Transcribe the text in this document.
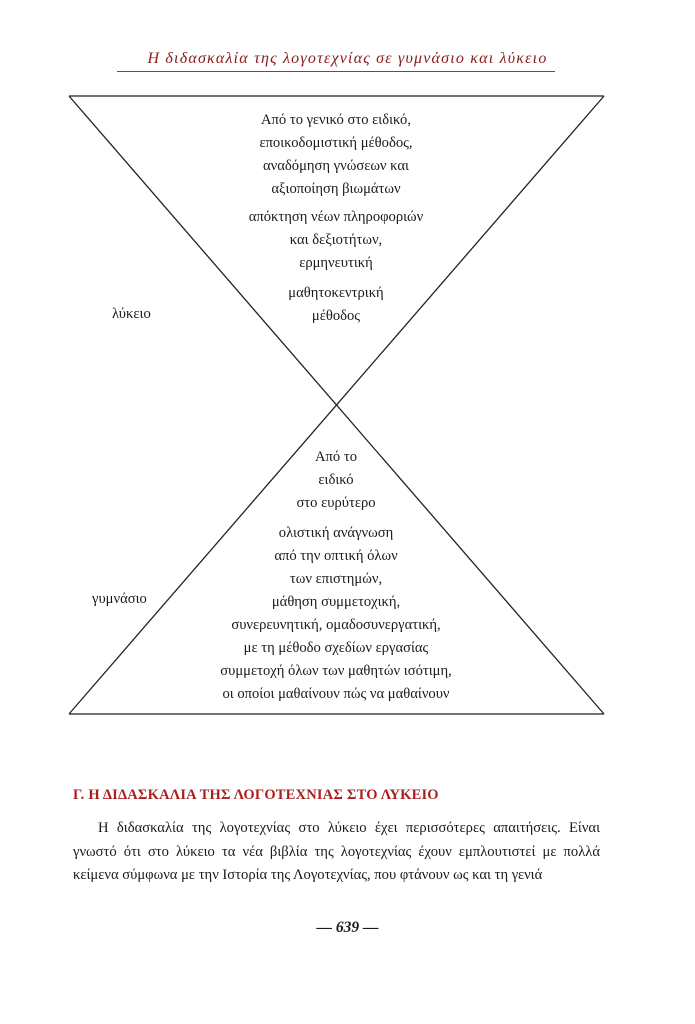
Η διδασκαλία της λογοτεχνίας σε γυμνάσιο και λύκειο
Από το γενικό στο ειδικό,
εποικοδομιστική μέθοδος,
αναδόμηση γνώσεων και
αξιοποίηση βιωμάτων
απόκτηση νέων πληροφοριών
και δεξιοτήτων,
ερμηνευτική
μαθητοκεντρική
μέθοδος
λύκειο
Από το
ειδικό
στο ευρύτερο
ολιστική ανάγνωση
από την οπτική όλων
των επιστημών,
μάθηση συμμετοχική,
συνερευνητική, ομαδοσυνεργατική,
με τη μέθοδο σχεδίων εργασίας
συμμετοχή όλων των μαθητών ισότιμη,
οι οποίοι μαθαίνουν πώς να μαθαίνουν
γυμνάσιο
Γ. Η ΔΙΔΑΣΚΑΛΙΑ ΤΗΣ ΛΟΓΟΤΕΧΝΙΑΣ ΣΤΟ ΛΥΚΕΙΟ
Η διδασκαλία της λογοτεχνίας στο λύκειο έχει περισσότερες απαιτήσεις. Είναι γνωστό ότι στο λύκειο τα νέα βιβλία της λογοτεχνίας έχουν εμπλουτιστεί με πολλά κείμενα σύμφωνα με την Ιστορία της Λογοτεχνίας, που φτάνουν ως και τη γενιά
— 639 —
